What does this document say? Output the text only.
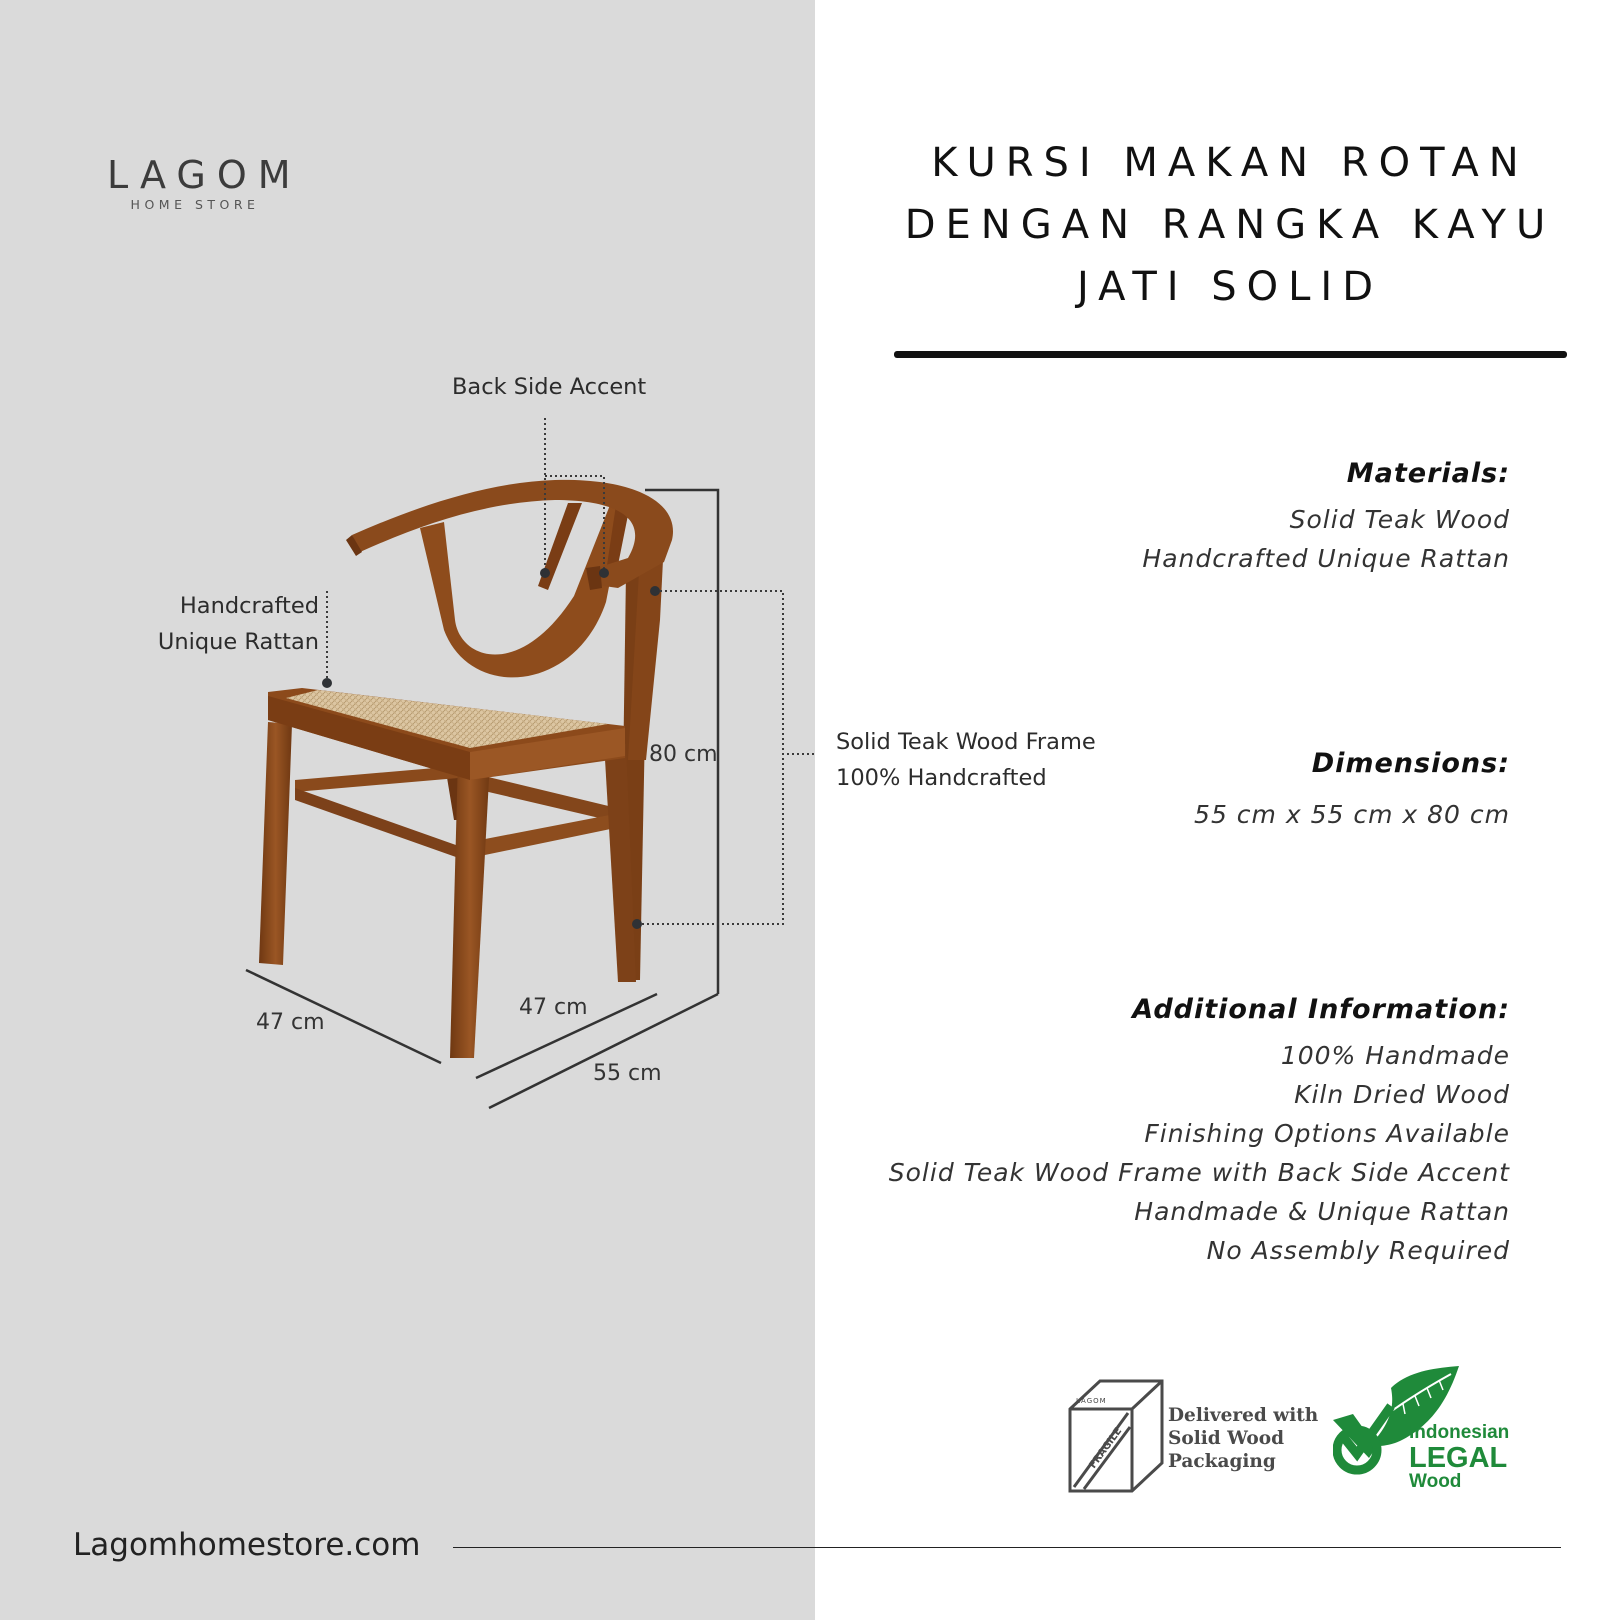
LAGOM
HOME STORE
Back Side Accent
Handcrafted
Unique Rattan
Solid Teak Wood Frame
100% Handcrafted
80 cm
47 cm
47 cm
55 cm
KURSI MAKAN ROTAN
DENGAN RANGKA KAYU
JATI SOLID
Materials:
Solid Teak Wood
Handcrafted Unique Rattan
Dimensions:
55 cm x 55 cm x 80 cm
Additional Information:
100% Handmade
Kiln Dried Wood
Finishing Options Available
Solid Teak Wood Frame with Back Side Accent
Handmade & Unique Rattan
No Assembly Required
LAGOM
FRAGILE
Delivered with
Solid Wood
Packaging
Indonesian
LEGAL
Wood
Lagomhomestore.com
